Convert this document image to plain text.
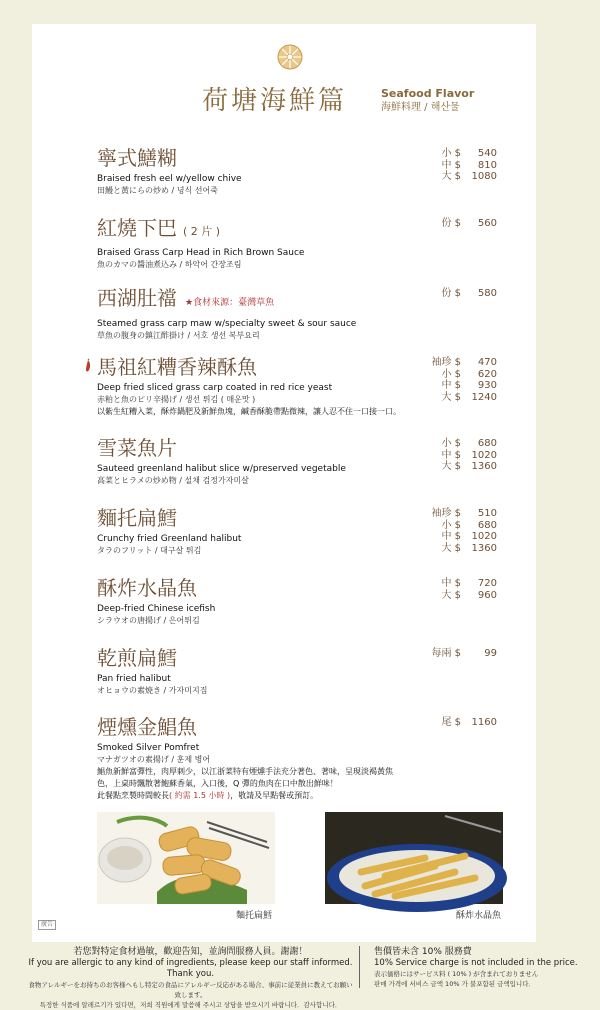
荷塘海鮮篇	Seafood Flavor
海鮮料理 / 해산물
寧式鱔糊
Braised fresh eel w/yellow chive
田鰻と黃にらの炒め / 녕식 선어죽
小 $	540
中 $	810
大 $	1080
紅燒下巴 ( 2 片 )
Braised Grass Carp Head in Rich Brown Sauce
魚のカマの醬油煮込み / 하악어 간장조림
份 $	560
西湖肚襠 ★食材來源：臺灣草魚
Steamed grass carp maw w/specialty sweet & sour sauce
草魚の腹身の鎮江酢掛け / 서호 생선 복부요리
份 $	580
馬祖紅糟香辣酥魚
Deep fried sliced grass carp coated in red rice yeast
赤粕と魚のピリ辛揚げ / 생선 튀김 ( 매운맛 )
以紫生紅糟入菜，酥炸鍋肥及新鮮魚塊，鹹香酥脆帶點微辣，讓人忍不住一口接一口。
袖珍 $	470
小 $	620
中 $	930
大 $	1240
雪菜魚片
Sauteed greenland halibut slice w/preserved vegetable
高菜とヒラメの炒め物 / 설채 검정가자미살
小 $	680
中 $	1020
大 $	1360
麵托扁鱈
Crunchy fried Greenland halibut
タラのフリット / 대구살 튀김
袖珍 $	510
小 $	680
中 $	1020
大 $	1360
酥炸水晶魚
Deep-fried Chinese icefish
シラウオの唐揚げ / 은어튀김
中 $	720
大 $	960
乾煎扁鱈
Pan fried halibut
オヒョウの素焼き / 가자미지짐
每兩 $	99
煙燻金鯧魚
Smoked Silver Pomfret
マナガツオの素揚げ / 훈제 병어
鯧魚新鮮富彈性，肉厚刺少，以江浙菜特有煙燻手法充分著色、著味，呈現淡褐黃焦
色，上桌時飄散著鮑蘇香氣，入口後，Q 彈的魚肉在口中散出鮮味！
此餐點烹製時間較長( 約需 1.5 小時 )，敬請及早點餐或預訂。
尾 $	1160
麵托扁鱈	酥炸水晶魚
廣告
若您對特定食材過敏，歡迎告知，並詢問服務人員。謝謝！
If you are allergic to any kind of ingredients, please keep our staff informed. Thank you.
食物アレルギーをお持ちのお客様へもし特定の食品にアレルギー反応がある場合、事前に従業員に教えてお願い致します。
특정한 식품에 알레르기가 있다면，저희 직원에게 말씀해 주시고 상담을 받으시기 바랍니다．감사합니다．
售價皆未含 10% 服務費
10% Service charge is not included in the price.
表示価格にはサービス料 ( 10% ) が含まれておりません
판매 가격에 서비스 금액 10% 가 불포함된 금액입니다．
